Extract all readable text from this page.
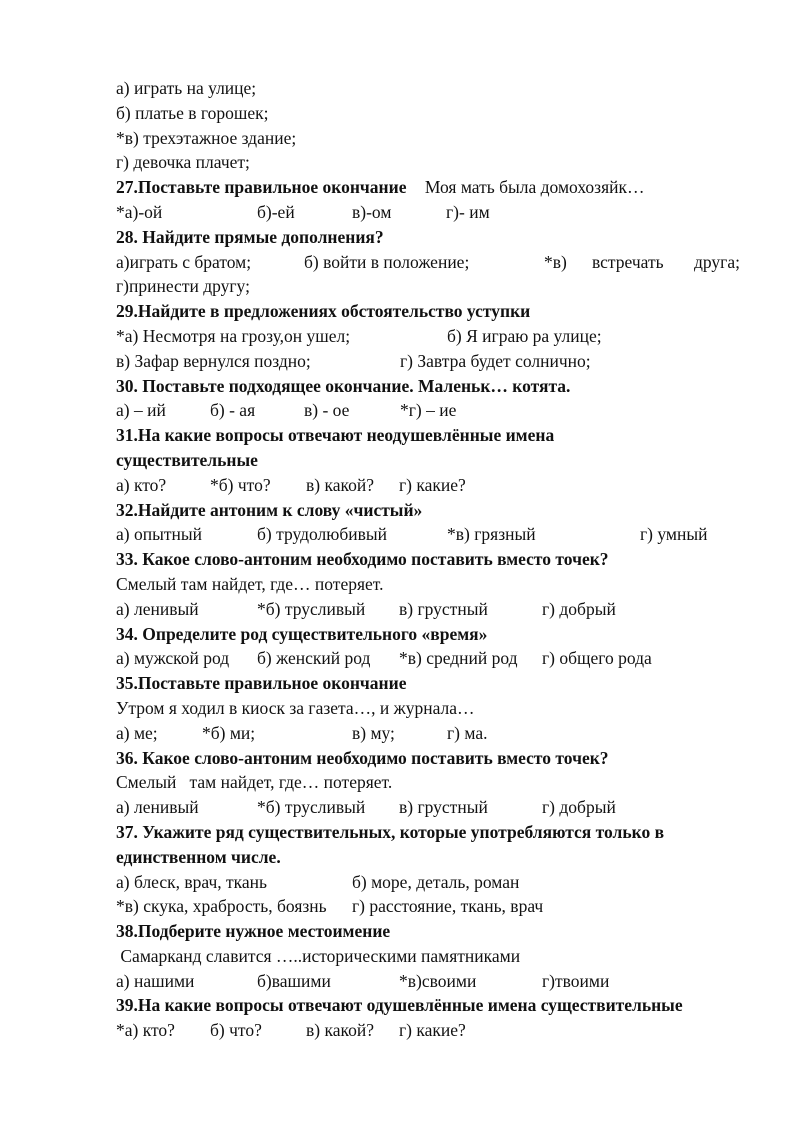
а) играть на улице;
б) платье в горошек;
*в) трехэтажное здание;
г) девочка плачет;
27.Поставьте правильное окончание Моя мать была домохозяйк…
*а)-ой	б)-ей	в)-ом	г)- им
28. Найдите прямые дополнения?
а)играть с братом;	б) войти в положение;	*в) встречать друга;
г)принести другу;
29.Найдите в предложениях обстоятельство уступки
*а) Несмотря на грозу,он ушел;	б) Я играю ра улице;
в) Зафар вернулся поздно;	г) Завтра будет солнично;
30. Поставьте подходящее окончание. Маленьк… котята.
а) – ий	б) - ая	в) - ое	*г) – ие
31.На какие вопросы отвечают неодушевлённые имена
существительные
а) кто?	*б) что? в) какой? г) какие?
32.Найдите антоним к слову «чистый»
а) опытный	б) трудолюбивый	*в) грязный	г) умный
33. Какое слово-антоним необходимо поставить вместо точек?
Смелый там найдет, где… потеряет.
а) ленивый	*б) трусливый в) грустный	г) добрый
34. Определите род существительного «время»
а) мужской род б) женский род *в) средний род г) общего рода
35.Поставьте правильное окончание
Утром я ходил в киоск за газета…, и журнала…
а) ме;	*б) ми;	в) му;	г) ма.
36. Какое слово-антоним необходимо поставить вместо точек?
Смелый   там найдет, где… потеряет.
а) ленивый	*б) трусливый в) грустный	г) добрый
37. Укажите ряд существительных, которые употребляются только в
единственном числе.
а) блеск, врач, ткань	б) море, деталь, роман
*в) скука, храбрость, боязнь г) расстояние, ткань, врач
38.Подберите нужное местоимение
Самарканд славится …..историческими памятниками
а) нашими	б)вашими	*в)своими	г)твоими
39.На какие вопросы отвечают одушевлённые имена существительные
*а) кто? б) что?	в) какой? г) какие?
